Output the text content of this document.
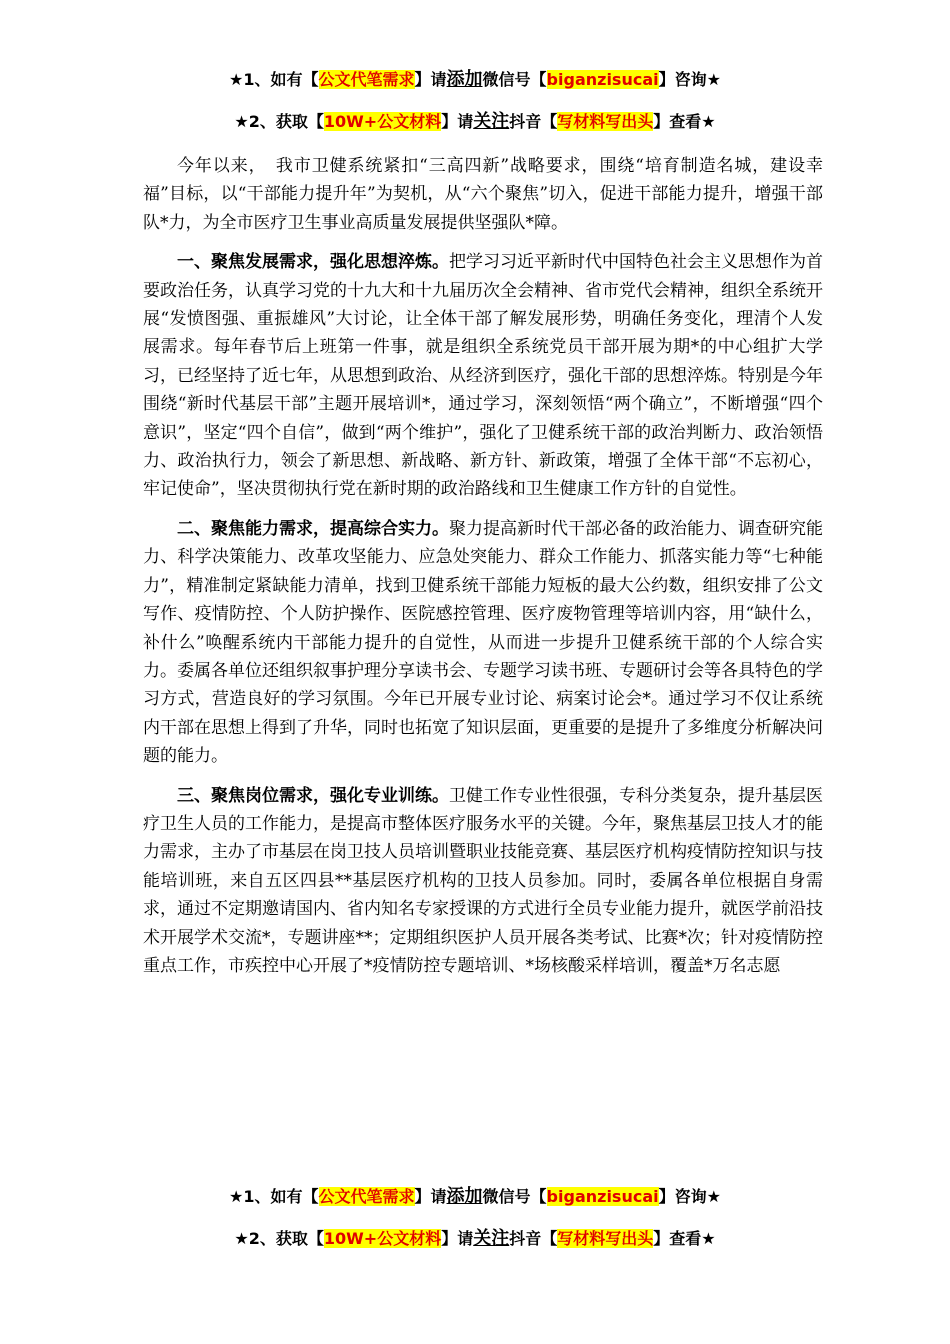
★1、如有【公文代笔需求】请添加微信号【biganzisucai】咨询★
★2、获取【10W+公文材料】请关注抖音【写材料写出头】查看★

今年以来，　我市卫健系统紧扣“三高四新”战略要求，围绕“培育制造名城，建设幸福”目标，以“干部能力提升年”为契机，从“六个聚焦”切入，促进干部能力提升，增强干部队*力，为全市医疗卫生事业高质量发展提供坚强队*障。

一、聚焦发展需求，强化思想淬炼。把学习习近平新时代中国特色社会主义思想作为首要政治任务，认真学习党的十九大和十九届历次全会精神、省市党代会精神，组织全系统开展“发愤图强、重振雄风”大讨论，让全体干部了解发展形势，明确任务变化，理清个人发展需求。每年春节后上班第一件事，就是组织全系统党员干部开展为期*的中心组扩大学习，已经坚持了近七年，从思想到政治、从经济到医疗，强化干部的思想淬炼。特别是今年围绕“新时代基层干部”主题开展培训*，通过学习，深刻领悟“两个确立”，不断增强“四个意识”，坚定“四个自信”，做到“两个维护”，强化了卫健系统干部的政治判断力、政治领悟力、政治执行力，领会了新思想、新战略、新方针、新政策，增强了全体干部“不忘初心，牢记使命”，坚决贯彻执行党在新时期的政治路线和卫生健康工作方针的自觉性。

二、聚焦能力需求，提高综合实力。聚力提高新时代干部必备的政治能力、调查研究能力、科学决策能力、改革攻坚能力、应急处突能力、群众工作能力、抓落实能力等“七种能力”，精准制定紧缺能力清单，找到卫健系统干部能力短板的最大公约数，组织安排了公文写作、疫情防控、个人防护操作、医院感控管理、医疗废物管理等培训内容，用“缺什么，补什么”唤醒系统内干部能力提升的自觉性，从而进一步提升卫健系统干部的个人综合实力。委属各单位还组织叙事护理分享读书会、专题学习读书班、专题研讨会等各具特色的学习方式，营造良好的学习氛围。今年已开展专业讨论、病案讨论会*。通过学习不仅让系统内干部在思想上得到了升华，同时也拓宽了知识层面，更重要的是提升了多维度分析解决问题的能力。

三、聚焦岗位需求，强化专业训练。卫健工作专业性很强，专科分类复杂，提升基层医疗卫生人员的工作能力，是提高市整体医疗服务水平的关键。今年，聚焦基层卫技人才的能力需求，主办了市基层在岗卫技人员培训暨职业技能竞赛、基层医疗机构疫情防控知识与技能培训班，来自五区四县**基层医疗机构的卫技人员参加。同时，委属各单位根据自身需求，通过不定期邀请国内、省内知名专家授课的方式进行全员专业能力提升，就医学前沿技术开展学术交流*，专题讲座**；定期组织医护人员开展各类考试、比赛*次；针对疫情防控重点工作，市疾控中心开展了*疫情防控专题培训、*场核酸采样培训，覆盖*万名志愿

★1、如有【公文代笔需求】请添加微信号【biganzisucai】咨询★
★2、获取【10W+公文材料】请关注抖音【写材料写出头】查看★
